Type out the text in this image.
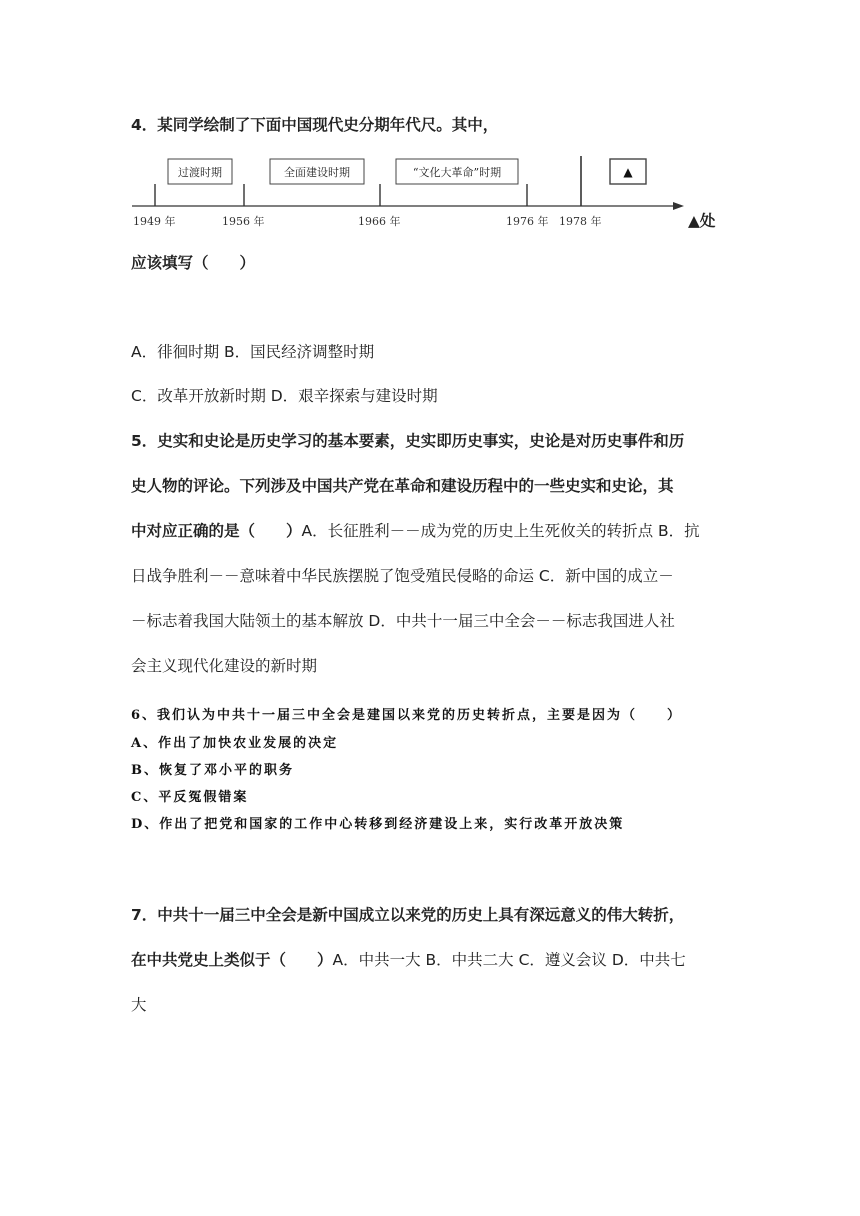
4．某同学绘制了下面中国现代史分期年代尺。其中，
过渡时期	全面建设时期	“文化大革命”时期	▲
1949 年	1956 年	1966 年	1976 年 1978 年	▲处
应该填写（　　）
A．徘徊时期 B．国民经济调整时期
C．改革开放新时期 D．艰辛探索与建设时期
5．史实和史论是历史学习的基本要素，史实即历史事实，史论是对历史事件和历
史人物的评论。下列涉及中国共产党在革命和建设历程中的一些史实和史论，其
中对应正确的是（　　）A．长征胜利－－成为党的历史上生死攸关的转折点 B．抗
日战争胜利－－意味着中华民族摆脱了饱受殖民侵略的命运 C．新中国的成立－
－标志着我国大陆领土的基本解放 D．中共十一届三中全会－－标志我国进人社
会主义现代化建设的新时期
6、我们认为中共十一届三中全会是建国以来党的历史转折点，主要是因为（　　）
A、作出了加快农业发展的决定
B、恢复了邓小平的职务
C、平反冤假错案
D、作出了把党和国家的工作中心转移到经济建设上来，实行改革开放决策
7．中共十一届三中全会是新中国成立以来党的历史上具有深远意义的伟大转折，
在中共党史上类似于（　　）A．中共一大 B．中共二大 C．遵义会议 D．中共七
大
